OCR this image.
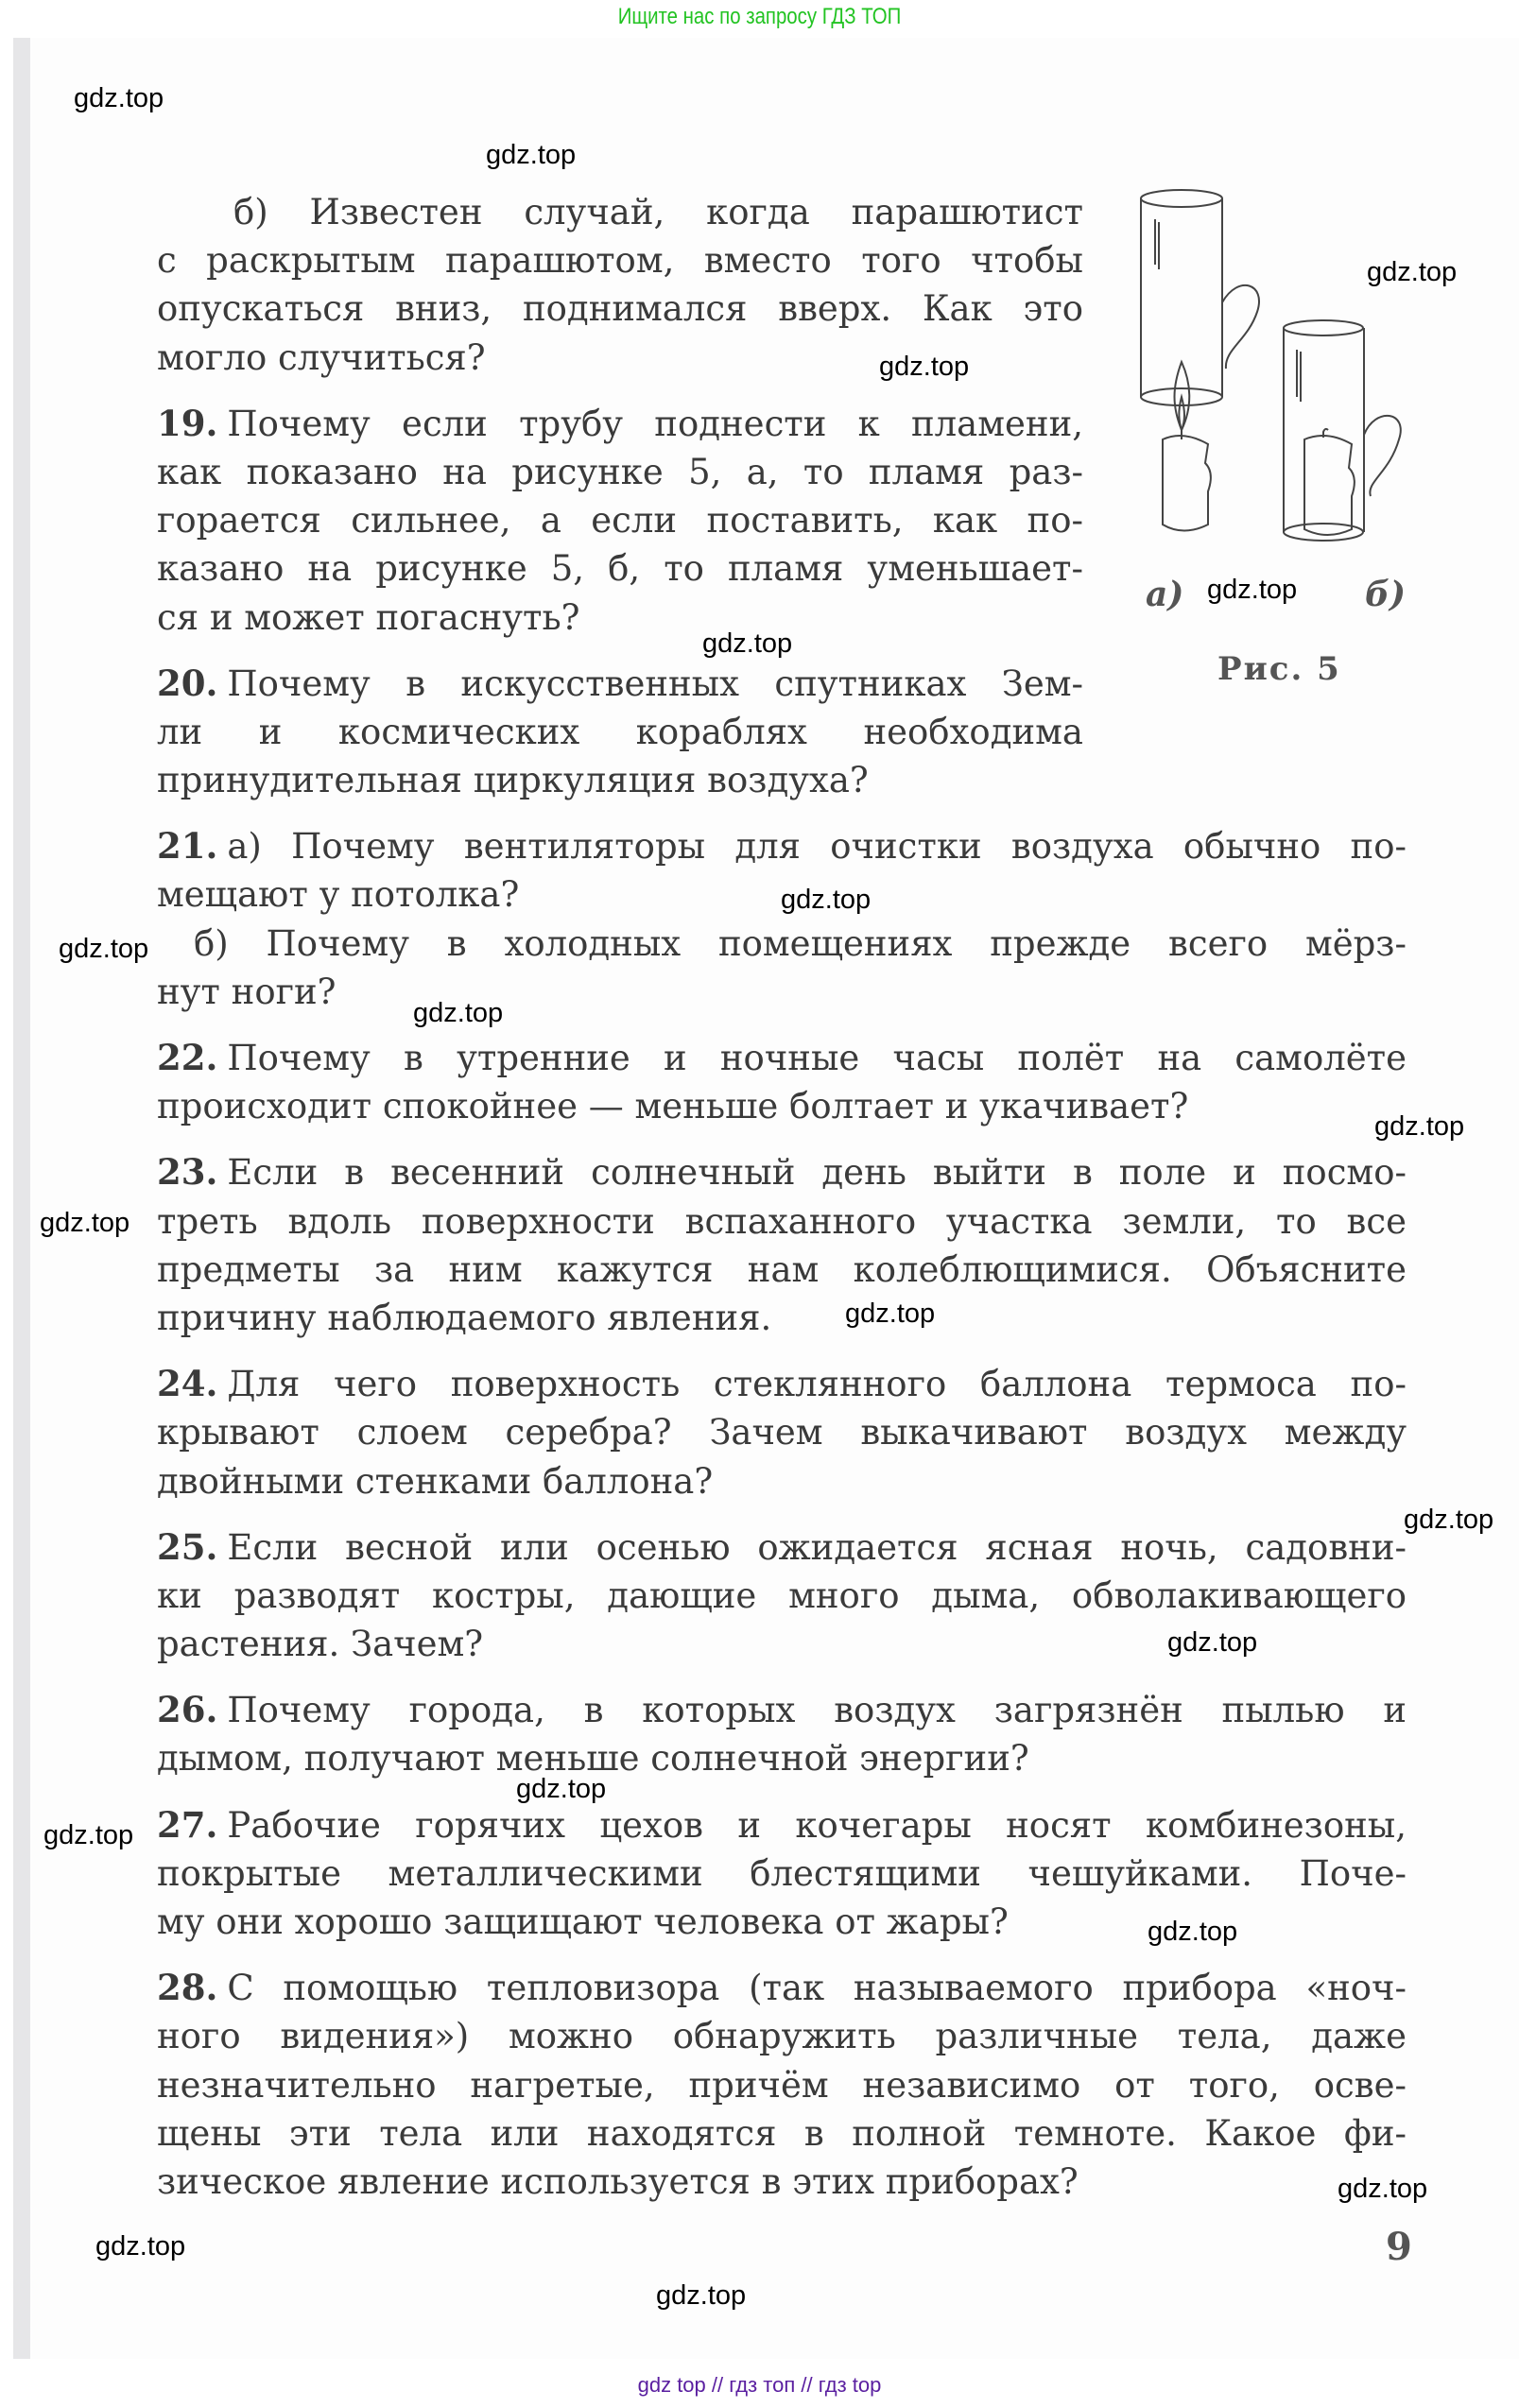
Ищите нас по запросу ГДЗ ТОП
б) Известен случай, когда парашютист
с раскрытым парашютом, вместо того чтобы
опускаться вниз, поднимался вверх. Как это
могло случиться?
19. Почему если трубу поднести к пламени,
как показано на рисунке 5, а, то пламя раз-
горается сильнее, а если поставить, как по-
казано на рисунке 5, б, то пламя уменьшает-
ся и может погаснуть?
20. Почему в искусственных спутниках Зем-
ли и космических кораблях необходима
принудительная циркуляция воздуха?
21. а) Почему вентиляторы для очистки воздуха обычно по-
мещают у потолка?
б) Почему в холодных помещениях прежде всего мёрз-
нут ноги?
22. Почему в утренние и ночные часы полёт на самолёте
происходит спокойнее — меньше болтает и укачивает?
23. Если в весенний солнечный день выйти в поле и посмо-
треть вдоль поверхности вспаханного участка земли, то все
предметы за ним кажутся нам колеблющимися. Объясните
причину наблюдаемого явления.
24. Для чего поверхность стеклянного баллона термоса по-
крывают слоем серебра? Зачем выкачивают воздух между
двойными стенками баллона?
25. Если весной или осенью ожидается ясная ночь, садовни-
ки разводят костры, дающие много дыма, обволакивающего
растения. Зачем?
26. Почему города, в которых воздух загрязнён пылью и
дымом, получают меньше солнечной энергии?
27. Рабочие горячих цехов и кочегары носят комбинезоны,
покрытые металлическими блестящими чешуйками. Поче-
му они хорошо защищают человека от жары?
28. С помощью тепловизора (так называемого прибора «ноч-
ного видения») можно обнаружить различные тела, даже
незначительно нагретые, причём независимо от того, осве-
щены эти тела или находятся в полной темноте. Какое фи-
зическое явление используется в этих приборах?
а)	б)
Рис. 5
9
gdz.top
gdz.top
gdz.top
gdz.top
gdz.top
gdz.top
gdz.top
gdz.top
gdz.top
gdz.top
gdz.top
gdz.top
gdz.top
gdz.top
gdz.top
gdz.top
gdz.top
gdz.top
gdz.top
gdz.top
gdz top // гдз топ // гдз top
